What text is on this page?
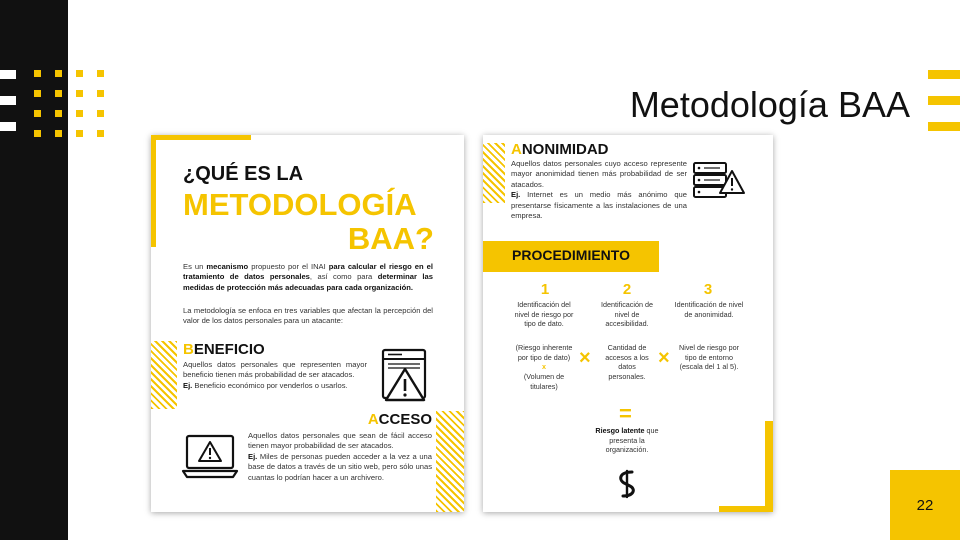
Metodología BAA
¿QUÉ ES LA
METODOLOGÍA
BAA?
Es un mecanismo propuesto por el INAI para calcular el riesgo en el tratamiento de datos personales, así como para determinar las medidas de protección más adecuadas para cada organización.
La metodología se enfoca en tres variables que afectan la percepción del valor de los datos personales para un atacante:
BENEFICIO
Aquellos datos personales que representen mayor beneficio tienen más probabilidad de ser atacados.
Ej. Beneficio económico por venderlos o usarlos.
ACCESO
Aquellos datos personales que sean de fácil acceso tienen mayor probabilidad de ser atacados.
Ej. Miles de personas pueden acceder a la vez a una base de datos a través de un sitio web, pero sólo unas cuantas lo podrían hacer a un archivero.
ANONIMIDAD
Aquellos datos personales cuyo acceso represente mayor anonimidad tienen más probabilidad de ser atacados.
Ej. Internet es un medio más anónimo que presentarse físicamente a las instalaciones de una empresa.
PROCEDIMIENTO
1	2	3
Identificación del nivel de riesgo por tipo de dato.
Identificación de nivel de accesibilidad.
Identificación de nivel de anonimidad.
(Riesgo inherente por tipo de dato)
x
(Volumen de titulares)
×	Cantidad de accesos a los datos personales.
×	Nivel de riesgo por tipo de entorno (escala del 1 al 5).
=
Riesgo latente que presenta la organización.
22
